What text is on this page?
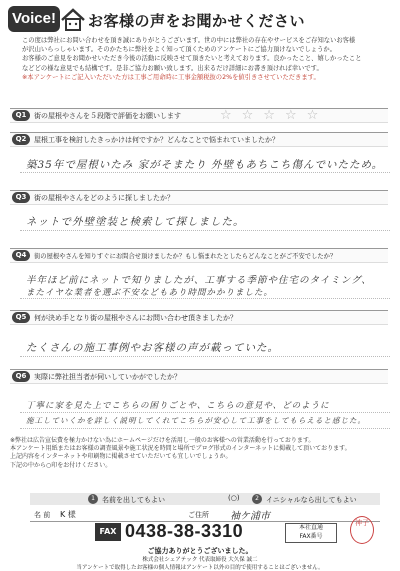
Voice! お客様の声をお聞かせください
この度は弊社にお問い合わせを頂き誠にありがとうございます。世の中には弊社の存在やサービスをご存知ないお客様
が沢山いらっしゃいます。そのかたちに弊社をよく知って頂くためのアンケートにご協力頂けないでしょうか。
お客様のご意見をお聞かせいただき今後の活動に反映させて頂きたいと考えております。良かったこと、嬉しかったこと
などどの様な意見でも結構です。是非ご協力お願い致します。出来るだけ詳細にお書き頂ければ幸いです。
※本アンケートにご記入いただいた方は工事ご用命時に工事金額税抜の2%を値引きさせていただきます。
Q1	街の屋根やさんを５段階で評価をお願いします	☆☆☆☆☆
Q2	屋根工事を検討したきっかけは何ですか？どんなことで悩まれていましたか？
築35年で屋根いたみ 家がそまたり 外壁もあちこち傷んでいたため。
Q3	街の屋根やさんをどのように探しましたか？
ネットで外壁塗装と検索して探しました。
Q4	街の屋根やさんを知りすぐにお問合せ頂けましたか？もし悩まれたとしたらどんなことがご不安でしたか？
半年ほど前にネットで知りましたが、工事する季節や住宅のタイミング、
またイヤな業者を選ぶ不安などもあり時間かかりました。
Q5	何が決め手となり街の屋根やさんにお問い合わせ頂きましたか？
たくさんの施工事例やお客様の声が載っていた。
Q6	実際に弊社担当者が伺いしていかがでしたか？
丁寧に家を見た上でこちらの困りごとや、こちらの意見や、どのように
施工していくかを詳しく説明してくれてこちらが安心して工事をしてもらえると感じた。
※弊社は広告宣伝費を極力かけない為にホームページだけを活用し一般のお客様への営業活動を行っております。
本アンケート用紙またはお客様の調査風景や施工状況を時間と場所でブログ形式のインターネットに掲載して頂いております。
上記内容をインターネットや印刷物に掲載させていただいても宜しいでしょうか。
下記の中から○印をお付けください。
1	名前を出してもよい	(○)	2	イニシャルなら出してもよい
名 前 K 様	ご住所 袖ケ浦市
FAX 0438-38-3310	本社直通
FAX番号
神子
ご協力ありがとうございました。
株式会社シェアテック 代表取締役 大久保 誠二
当アンケートで取得したお客様の個人情報はアンケート以外の目的で使用することはございません。
